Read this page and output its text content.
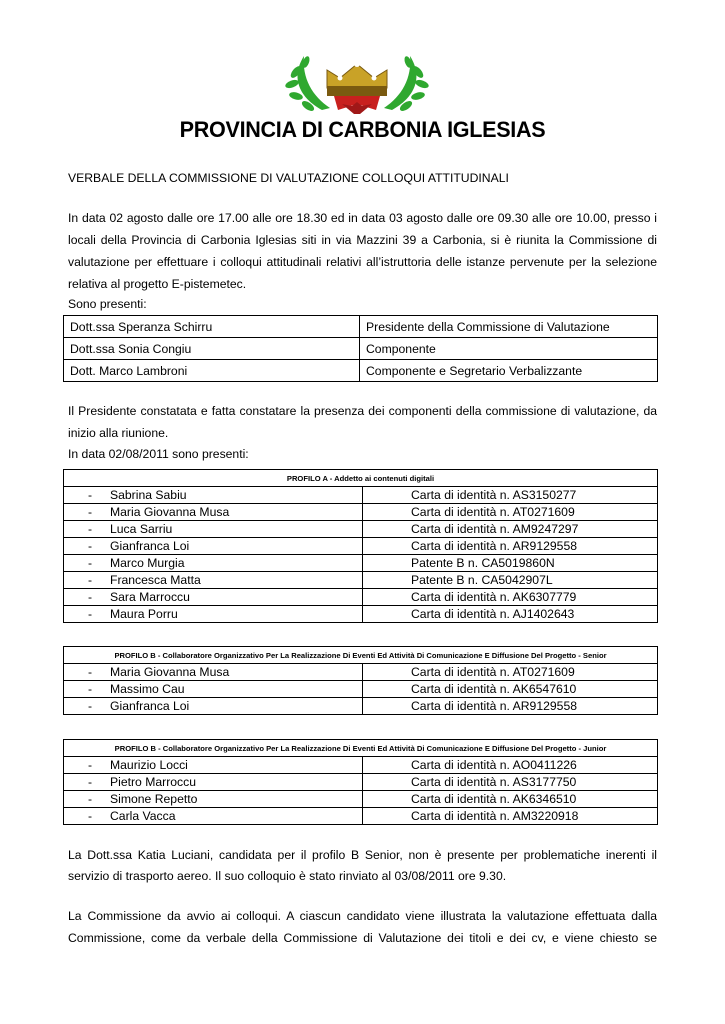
PROVINCIA DI CARBONIA IGLESIAS
VERBALE DELLA COMMISSIONE DI VALUTAZIONE COLLOQUI ATTITUDINALI
In data 02 agosto dalle ore 17.00 alle ore 18.30 ed in data 03 agosto dalle ore 09.30 alle ore 10.00, presso i
locali della Provincia di Carbonia Iglesias siti in via Mazzini 39 a Carbonia, si è riunita la Commissione di
valutazione per effettuare i colloqui attitudinali relativi all’istruttoria delle istanze pervenute per la selezione
relativa al progetto E-pistemetec.
Sono presenti:
Dott.ssa Speranza Schirru	Presidente della Commissione di Valutazione
Dott.ssa Sonia Congiu	Componente
Dott. Marco Lambroni	Componente e Segretario Verbalizzante
Il Presidente constatata e fatta constatare la presenza dei componenti della commissione di valutazione, da
inizio alla riunione.
In data 02/08/2011 sono presenti:
PROFILO A - Addetto ai contenuti digitali	
- Sabrina Sabiu	Carta di identità n. AS3150277
- Maria Giovanna Musa	Carta di identità n. AT0271609
- Luca Sarriu	Carta di identità n. AM9247297
- Gianfranca Loi	Carta di identità n. AR9129558
- Marco Murgia	Patente B n. CA5019860N
- Francesca Matta	Patente B n. CA5042907L
- Sara Marroccu	Carta di identità n. AK6307779
- Maura Porru	Carta di identità n. AJ1402643
PROFILO B - Collaboratore Organizzativo Per La Realizzazione Di Eventi Ed Attività Di Comunicazione E Diffusione Del Progetto - Senior	
- Maria Giovanna Musa	Carta di identità n. AT0271609
- Massimo Cau	Carta di identità n. AK6547610
- Gianfranca Loi	Carta di identità n. AR9129558
PROFILO B - Collaboratore Organizzativo Per La Realizzazione Di Eventi Ed Attività Di Comunicazione E Diffusione Del Progetto - Junior	
- Maurizio Locci	Carta di identità n. AO0411226
- Pietro Marroccu	Carta di identità n. AS3177750
- Simone Repetto	Carta di identità n. AK6346510
- Carla Vacca	Carta di identità n. AM3220918
La Dott.ssa Katia Luciani, candidata per il profilo B Senior, non è presente per problematiche inerenti il
servizio di trasporto aereo. Il suo colloquio è stato rinviato al 03/08/2011 ore 9.30.
La Commissione da avvio ai colloqui. A ciascun candidato viene illustrata la valutazione effettuata dalla
Commissione, come da verbale della Commissione di Valutazione dei titoli e dei cv, e viene chiesto se
